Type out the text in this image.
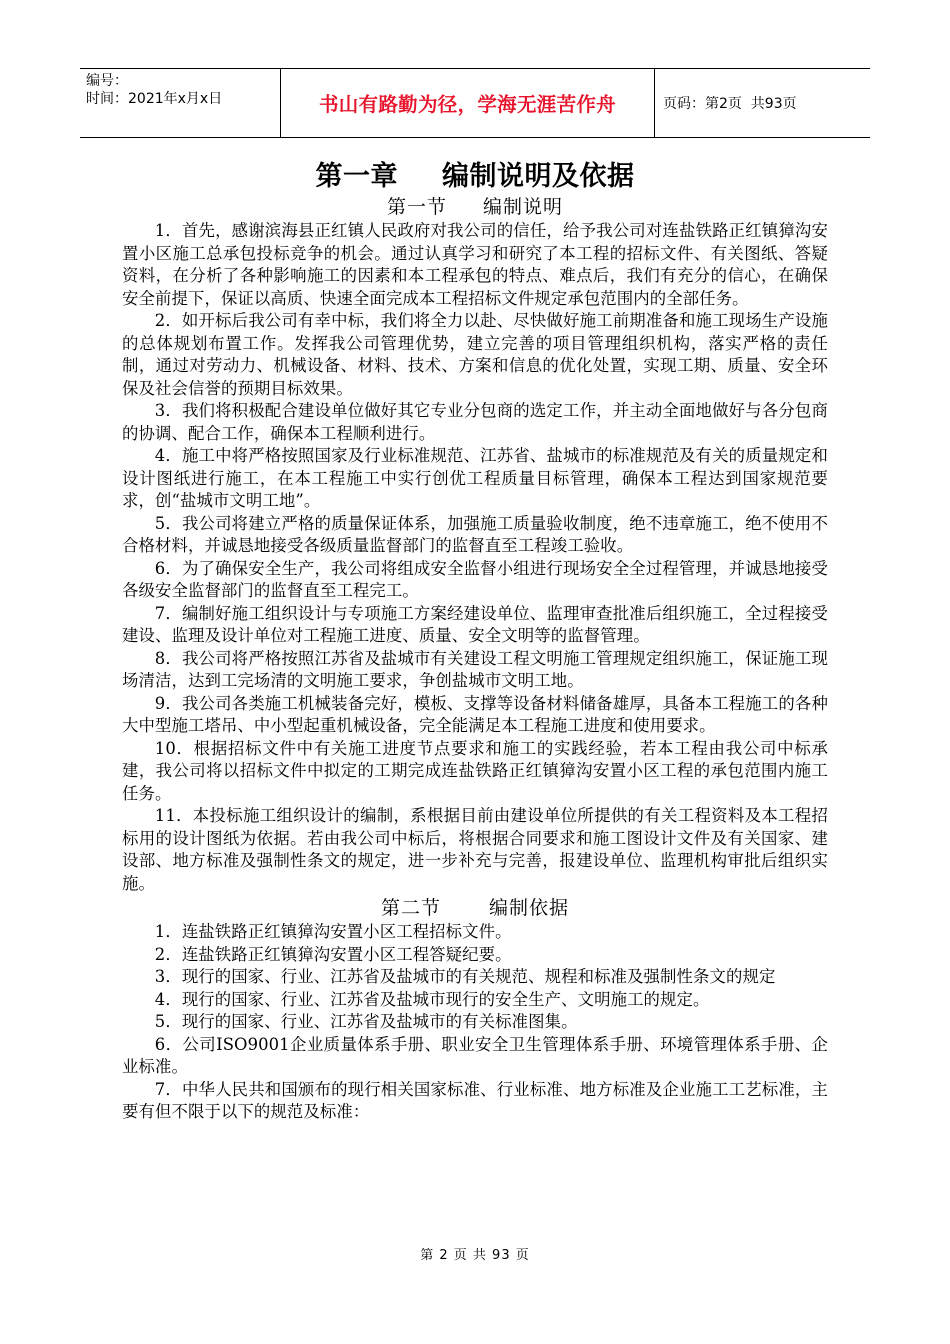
编号：
时间：2021年x月x日	书山有路勤为径，学海无涯苦作舟	页码：第2页  共93页
第一章 编制说明及依据
第一节 编制说明

1．首先，感谢滨海县正红镇人民政府对我公司的信任，给予我公司对连盐铁路正红镇獐沟安置小区施工总承包投标竞争的机会。通过认真学习和研究了本工程的招标文件、有关图纸、答疑资料，在分析了各种影响施工的因素和本工程承包的特点、难点后，我们有充分的信心，在确保安全前提下，保证以高质、快速全面完成本工程招标文件规定承包范围内的全部任务。

2．如开标后我公司有幸中标，我们将全力以赴、尽快做好施工前期准备和施工现场生产设施的总体规划布置工作。发挥我公司管理优势，建立完善的项目管理组织机构，落实严格的责任制，通过对劳动力、机械设备、材料、技术、方案和信息的优化处置，实现工期、质量、安全环保及社会信誉的预期目标效果。

3．我们将积极配合建设单位做好其它专业分包商的选定工作，并主动全面地做好与各分包商的协调、配合工作，确保本工程顺利进行。

4．施工中将严格按照国家及行业标准规范、江苏省、盐城市的标准规范及有关的质量规定和设计图纸进行施工，在本工程施工中实行创优工程质量目标管理，确保本工程达到国家规范要求，创“盐城市文明工地”。

5．我公司将建立严格的质量保证体系，加强施工质量验收制度，绝不违章施工，绝不使用不合格材料，并诚恳地接受各级质量监督部门的监督直至工程竣工验收。

6．为了确保安全生产，我公司将组成安全监督小组进行现场安全全过程管理，并诚恳地接受各级安全监督部门的监督直至工程完工。

7．编制好施工组织设计与专项施工方案经建设单位、监理审查批准后组织施工，全过程接受建设、监理及设计单位对工程施工进度、质量、安全文明等的监督管理。

8．我公司将严格按照江苏省及盐城市有关建设工程文明施工管理规定组织施工，保证施工现场清洁，达到工完场清的文明施工要求，争创盐城市文明工地。

9．我公司各类施工机械装备完好，模板、支撑等设备材料储备雄厚，具备本工程施工的各种大中型施工塔吊、中小型起重机械设备，完全能满足本工程施工进度和使用要求。

10．根据招标文件中有关施工进度节点要求和施工的实践经验，若本工程由我公司中标承建，我公司将以招标文件中拟定的工期完成连盐铁路正红镇獐沟安置小区工程的承包范围内施工任务。

11．本投标施工组织设计的编制，系根据目前由建设单位所提供的有关工程资料及本工程招标用的设计图纸为依据。若由我公司中标后，将根据合同要求和施工图设计文件及有关国家、建设部、地方标准及强制性条文的规定，进一步补充与完善，报建设单位、监理机构审批后组织实施。

第二节	编制依据

1．连盐铁路正红镇獐沟安置小区工程招标文件。

2．连盐铁路正红镇獐沟安置小区工程答疑纪要。

3．现行的国家、行业、江苏省及盐城市的有关规范、规程和标准及强制性条文的规定

4．现行的国家、行业、江苏省及盐城市现行的安全生产、文明施工的规定。

5．现行的国家、行业、江苏省及盐城市的有关标准图集。

6．公司ISO9001企业质量体系手册、职业安全卫生管理体系手册、环境管理体系手册、企业标准。

7．中华人民共和国颁布的现行相关国家标准、行业标准、地方标准及企业施工工艺标准，主要有但不限于以下的规范及标准：

第 2 页 共 93 页
